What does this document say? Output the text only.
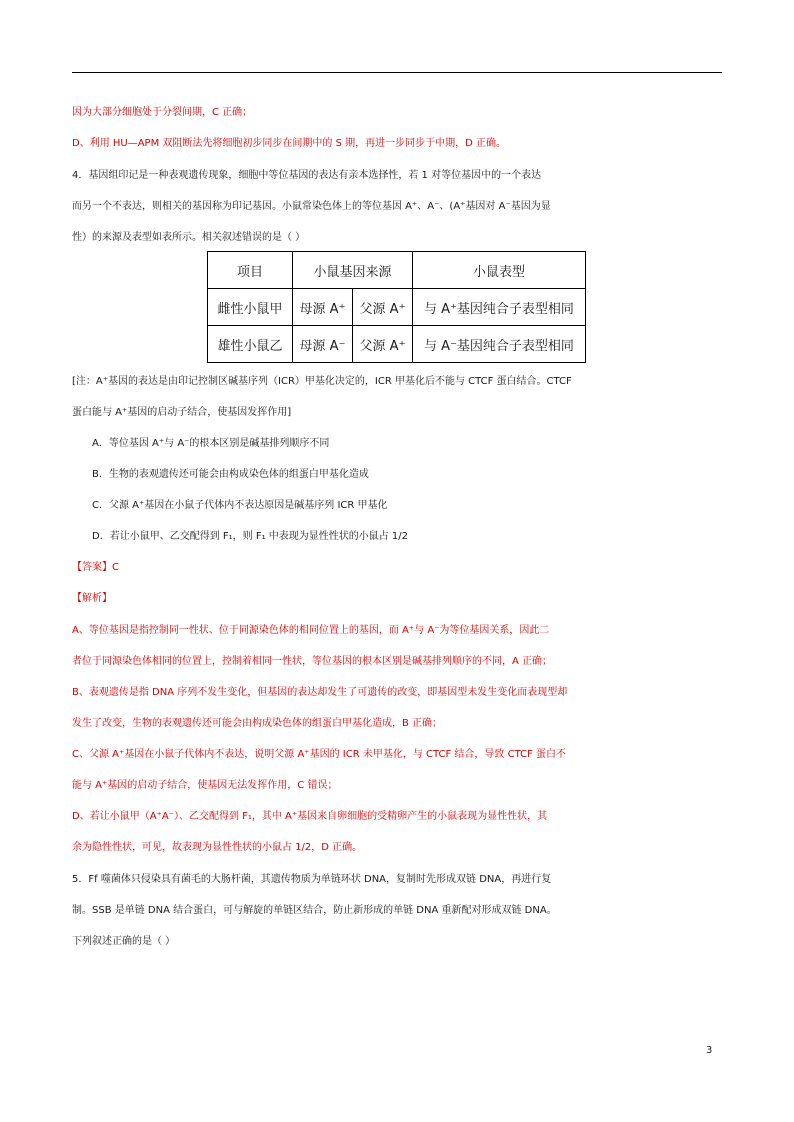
因为大部分细胞处于分裂间期，C 正确；
D、利用 HU—APM 双阻断法先将细胞初步同步在间期中的 S 期，再进一步同步于中期，D 正确。
4．基因组印记是一种表观遗传现象，细胞中等位基因的表达有亲本选择性，若 1 对等位基因中的一个表达
而另一个不表达，则相关的基因称为印记基因。小鼠常染色体上的等位基因 A⁺、A⁻、(A⁺基因对 A⁻基因为显
性）的来源及表型如表所示。相关叙述错误的是（ ）
项目	小鼠基因来源		小鼠表型
雌性小鼠甲	母源 A⁺	父源 A⁺	与 A⁺基因纯合子表型相同
雄性小鼠乙	母源 A⁻	父源 A⁺	与 A⁻基因纯合子表型相同
[注：A⁺基因的表达是由印记控制区碱基序列（ICR）甲基化决定的，ICR 甲基化后不能与 CTCF 蛋白结合。CTCF
蛋白能与 A⁺基因的启动子结合，使基因发挥作用]
A．等位基因 A⁺与 A⁻的根本区别是碱基排列顺序不同
B．生物的表观遗传还可能会由构成染色体的组蛋白甲基化造成
C．父源 A⁺基因在小鼠子代体内不表达原因是碱基序列 ICR 甲基化
D．若让小鼠甲、乙交配得到 F₁，则 F₁ 中表现为显性性状的小鼠占 1/2
【答案】C
【解析】
A、等位基因是指控制同一性状、位于同源染色体的相同位置上的基因，而 A⁺与 A⁻为等位基因关系，因此二
者位于同源染色体相同的位置上，控制着相同一性状，等位基因的根本区别是碱基排列顺序的不同，A 正确；
B、表观遗传是指 DNA 序列不发生变化，但基因的表达却发生了可遗传的改变，即基因型未发生变化而表现型却
发生了改变，生物的表观遗传还可能会由构成染色体的组蛋白甲基化造成，B 正确；
C、父源 A⁺基因在小鼠子代体内不表达，说明父源 A⁺基因的 ICR 未甲基化，与 CTCF 结合，导致 CTCF 蛋白不
能与 A⁺基因的启动子结合，使基因无法发挥作用，C 错误；
D、若让小鼠甲（A⁺A⁻）、乙交配得到 F₁，其中 A⁺基因来自卵细胞的受精卵产生的小鼠表现为显性性状，其
余为隐性性状，可见，故表现为显性性状的小鼠占 1/2，D 正确。
5．Ff 噬菌体只侵染具有菌毛的大肠杆菌，其遗传物质为单链环状 DNA，复制时先形成双链 DNA，再进行复
制。SSB 是单链 DNA 结合蛋白，可与解旋的单链区结合，防止新形成的单链 DNA 重新配对形成双链 DNA。
下列叙述正确的是（ ）
3
